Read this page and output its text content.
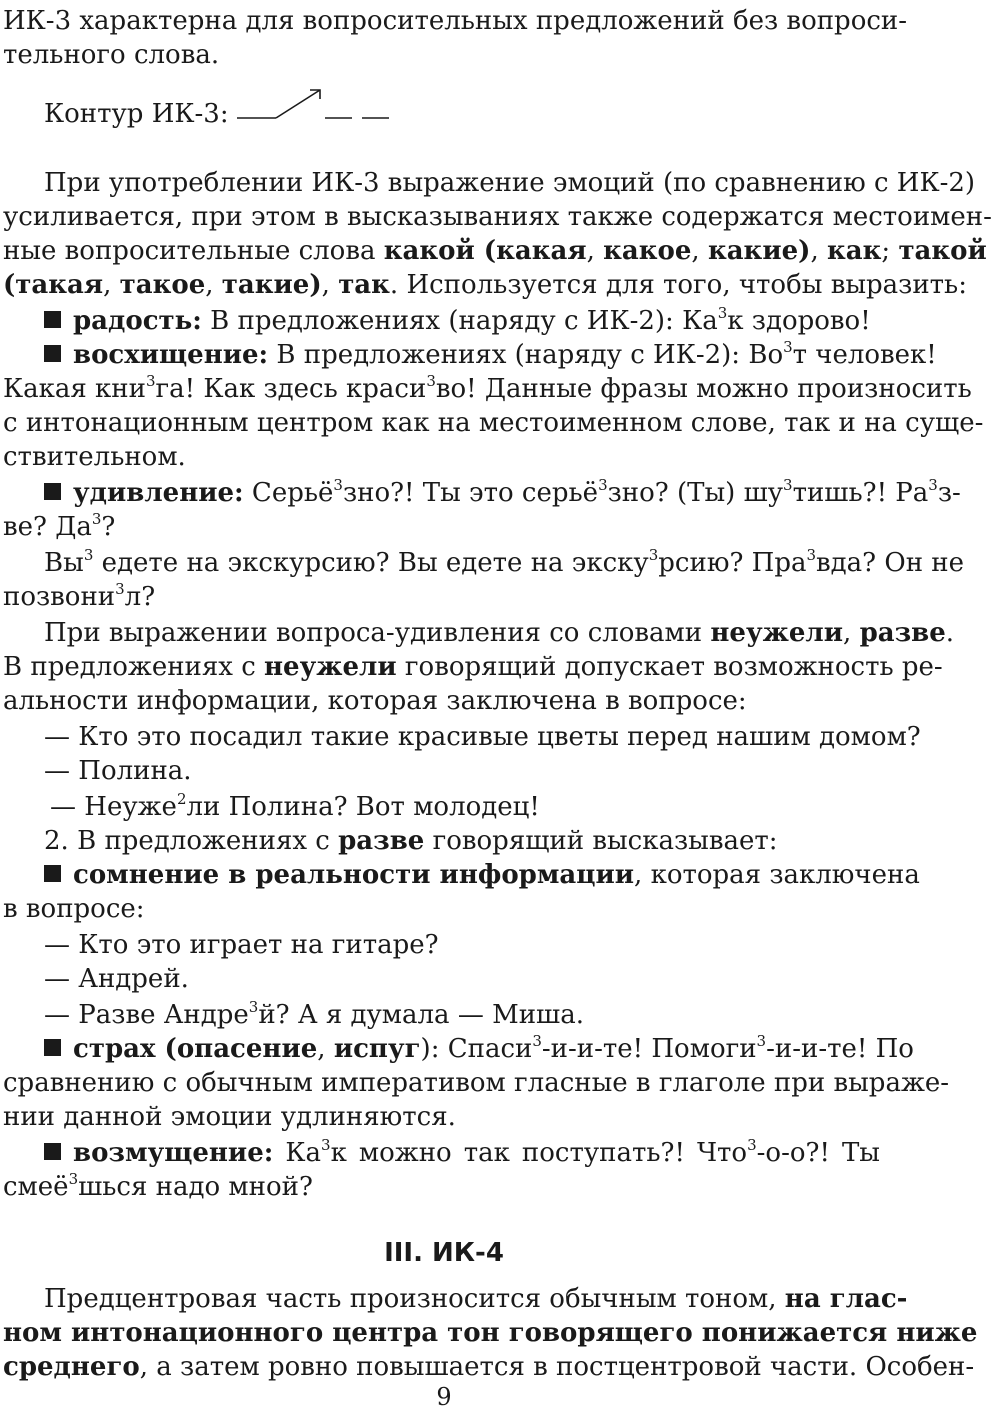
ИК-3 характерна для вопросительных предложений без вопроси-
тельного слова.
Контур ИК-3:
При употреблении ИК-3 выражение эмоций (по сравнению с ИК-2)
усиливается, при этом в высказываниях также содержатся местоимен-
ные вопросительные слова какой (какая, какое, какие), как; такой
(такая, такое, такие), так. Используется для того, чтобы выразить:
радость: В предложениях (наряду с ИК-2): $Ка^3к$ здорово!
восхищение: В предложениях (наряду с ИК-2): $Во^3т$ человек!
Какая кни$^3$га! Как здесь краси$^3$во! Данные фразы можно произносить
с интонационным центром как на местоименном слове, так и на суще-
ствительном.
удивление: Серьё$^3$зно?! Ты это серьё$^3$зно? (Ты) $шу^3тишь$?! $Ра^3з-$
ве? $Да^3$?
$Вы^3$ едете на экскурсию? Вы едете на экску$^3$рсию? Пра$^3$вда? Он не
позвони$^3$л?
При выражении вопроса-удивления со словами неужели, разве.
В предложениях с неужели говорящий допускает возможность ре-
альности информации, которая заключена в вопросе:
— Кто это посадил такие красивые цветы перед нашим домом?
— Полина.
— Неуже$^2$ли Полина? Вот молодец!
2. В предложениях с разве говорящий высказывает:
сомнение в реальности информации, которая заключена
в вопросе:
— Кто это играет на гитаре?
— Андрей.
— Разве Андре$^3$й? А я думала — Миша.
страх (опасение, испуг): Спаси$^3$-и-и-те! Помоги$^3$-и-и-те! По
сравнению с обычным императивом гласные в глаголе при выраже-
нии данной эмоции удлиняются.
возмущение: $Ка^3к$ можно так поступать?! Что$^3$-о-о?! Ты
смеё$^3$шься надо мной?
III. ИК-4
Предцентровая часть произносится обычным тоном, на глас-
ном интонационного центра тон говорящего понижается ниже
среднего, а затем ровно повышается в постцентровой части. Особен-
9
